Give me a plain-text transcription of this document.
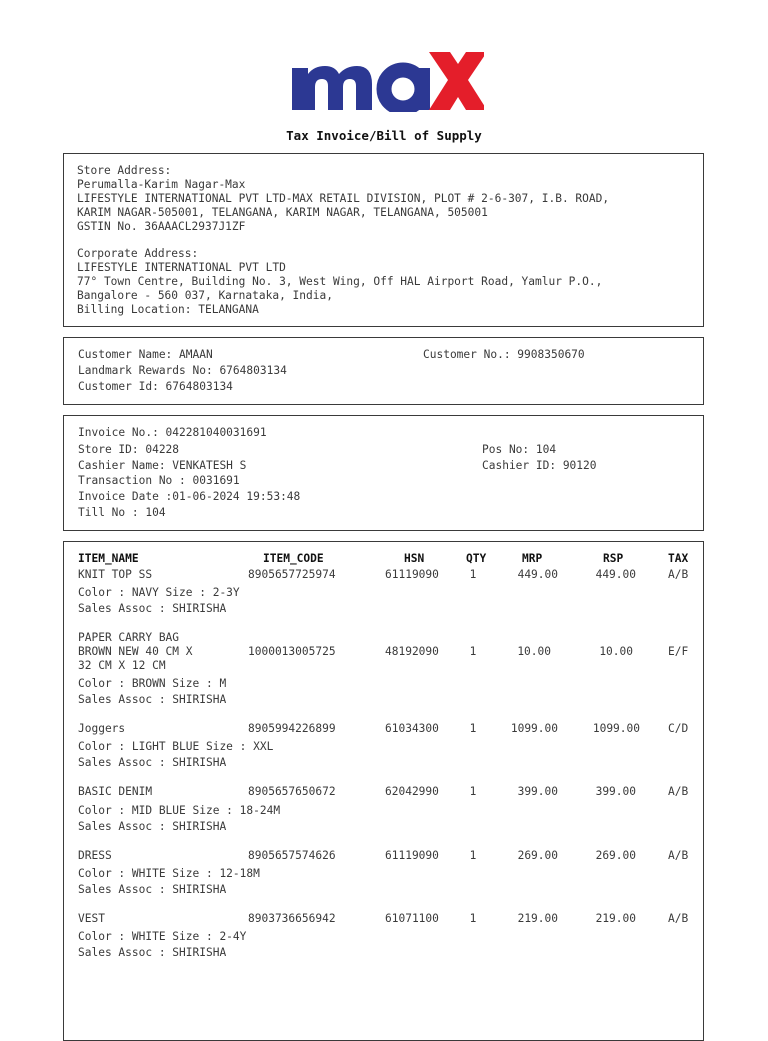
Tax Invoice/Bill of Supply
Store Address:
Perumalla-Karim Nagar-Max
LIFESTYLE INTERNATIONAL PVT LTD-MAX RETAIL DIVISION, PLOT # 2-6-307, I.B. ROAD,
KARIM NAGAR-505001, TELANGANA, KARIM NAGAR, TELANGANA, 505001
GSTIN No. 36AAACL2937J1ZF
Corporate Address:
LIFESTYLE INTERNATIONAL PVT LTD
77° Town Centre, Building No. 3, West Wing, Off HAL Airport Road, Yamlur P.O.,
Bangalore - 560 037, Karnataka, India,
Billing Location: TELANGANA
Customer Name: AMAAN	Customer No.: 9908350670
Landmark Rewards No: 6764803134
Customer Id: 6764803134
Invoice No.: 042281040031691
Store ID: 04228	Pos No: 104
Cashier Name: VENKATESH S	Cashier ID: 90120
Transaction No : 0031691
Invoice Date :01-06-2024 19:53:48
Till No : 104
ITEM_NAME	ITEM_CODE	HSN	QTY	MRP	RSP	TAX
KNIT TOP SS	8905657725974	61119090	1	449.00	449.00	A/B
Color : NAVY Size : 2-3Y
Sales Assoc : SHIRISHA
PAPER CARRY BAG
BROWN NEW 40 CM X
32 CM X 12 CM
1000013005725	48192090	1	10.00	10.00	E/F
Color : BROWN Size : M
Sales Assoc : SHIRISHA
Joggers	8905994226899	61034300	1	1099.00	1099.00	C/D
Color : LIGHT BLUE Size : XXL
Sales Assoc : SHIRISHA
BASIC DENIM	8905657650672	62042990	1	399.00	399.00	A/B
Color : MID BLUE Size : 18-24M
Sales Assoc : SHIRISHA
DRESS	8905657574626	61119090	1	269.00	269.00	A/B
Color : WHITE Size : 12-18M
Sales Assoc : SHIRISHA
VEST	8903736656942	61071100	1	219.00	219.00	A/B
Color : WHITE Size : 2-4Y
Sales Assoc : SHIRISHA
